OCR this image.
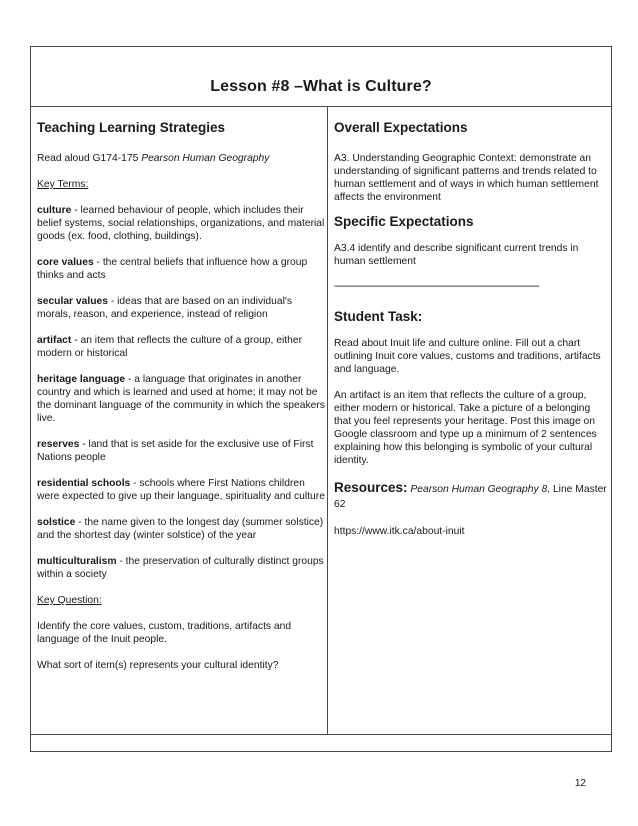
Lesson #8 –What is Culture?
Teaching Learning Strategies
Read aloud G174-175 Pearson Human Geography
Key Terms:
culture - learned behaviour of people, which includes their belief systems, social relationships, organizations, and material goods (ex. food, clothing, buildings).
core values - the central beliefs that influence how a group thinks and acts
secular values - ideas that are based on an individual's morals, reason, and experience, instead of religion
artifact - an item that reflects the culture of a group, either modern or historical
heritage language - a language that originates in another country and which is learned and used at home; it may not be the dominant language of the community in which the speakers live.
reserves - land that is set aside for the exclusive use of First Nations people
residential schools - schools where First Nations children were expected to give up their language, spirituality and culture
solstice - the name given to the longest day (summer solstice) and the shortest day (winter solstice) of the year
multiculturalism - the preservation of culturally distinct groups within a society
Key Question:
Identify the core values, custom, traditions, artifacts and language of the Inuit people.
What sort of item(s) represents your cultural identity?
Overall Expectations
A3. Understanding Geographic Context: demonstrate an understanding of significant patterns and trends related to human settlement and of ways in which human settlement affects the environment
Specific Expectations
A3.4 identify and describe significant current trends in human settlement
------------------------------------------------------------------------------------------------
Student Task:
Read about Inuit life and culture online. Fill out a chart outlining Inuit core values, customs and traditions, artifacts and language.
An artifact is an item that reflects the culture of a group, either modern or historical. Take a picture of a belonging that you feel represents your heritage. Post this image on Google classroom and type up a minimum of 2 sentences explaining how this belonging is symbolic of your cultural identity.
Resources: Pearson Human Geography 8, Line Master 62
https://www.itk.ca/about-inuit
12
